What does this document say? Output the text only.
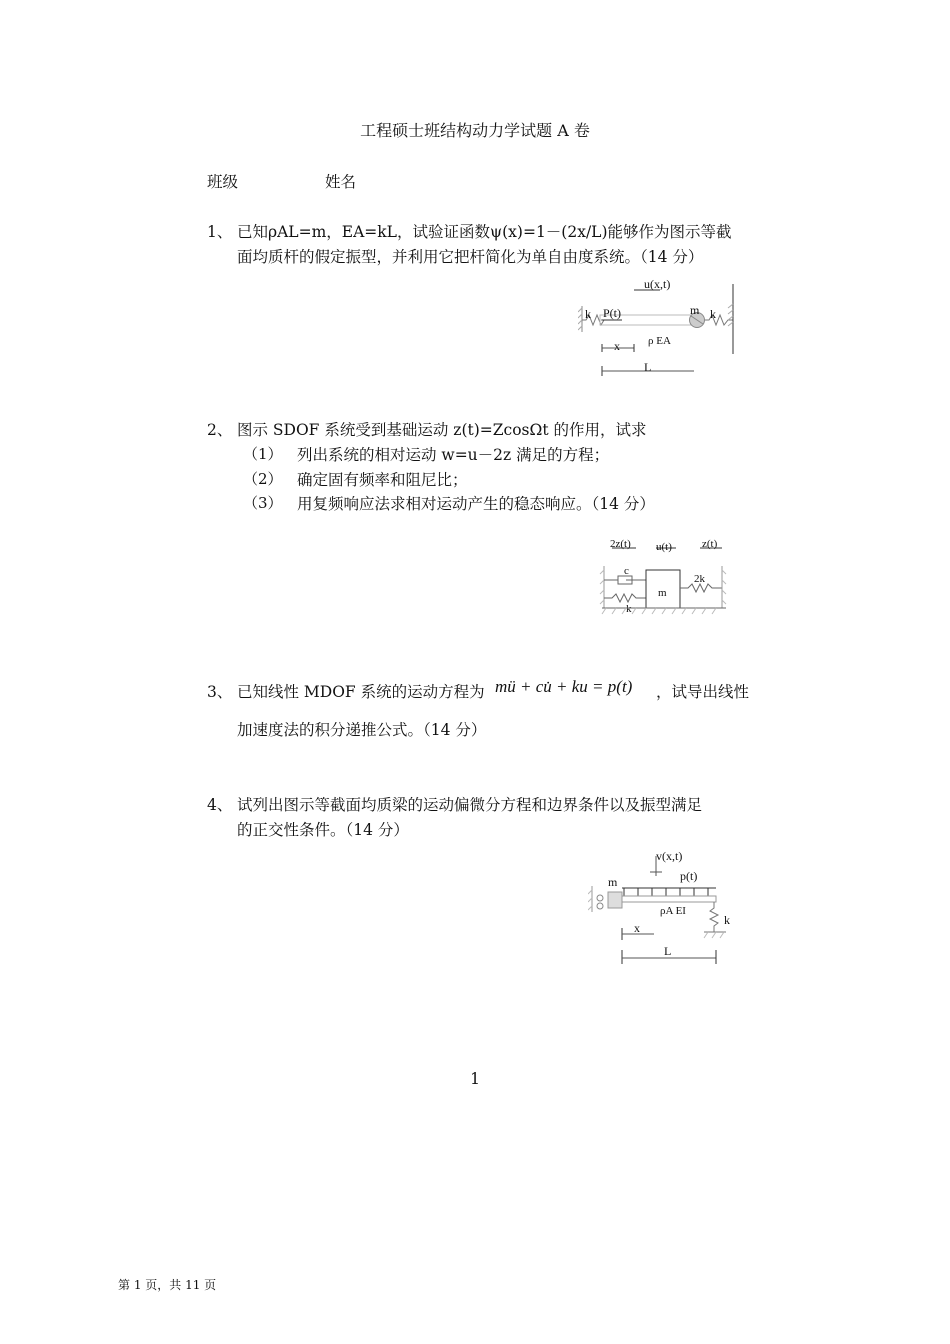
工程硕士班结构动力学试题 A 卷
班级	姓名
1、 已知ρAL=m，EA=kL，试验证函数ψ(x)=1－(2x/L)能够作为图示等截
面均质杆的假定振型，并利用它把杆简化为单自由度系统。（14 分）
u(x,t)
k P(t)	m k
ρ EA
x
L
2、 图示 SDOF 系统受到基础运动 z(t)=ZcosΩt 的作用，试求
（1） 列出系统的相对运动 w=u－2z 满足的方程；
（2） 确定固有频率和阻尼比；
（3） 用复频响应法求相对运动产生的稳态响应。（14 分）
2z(t) u(t)	z(t)
c
k
m
2k
3、 已知线性 MDOF 系统的运动方程为 mü + cu̇ + ku = p(t) ，试导出线性
加速度法的积分递推公式。（14 分）
4、 试列出图示等截面均质梁的运动偏微分方程和边界条件以及振型满足
的正交性条件。（14 分）
v(x,t)
p(t)
m
ρA EI
k
x
L
1
第 1 页，共 11 页
